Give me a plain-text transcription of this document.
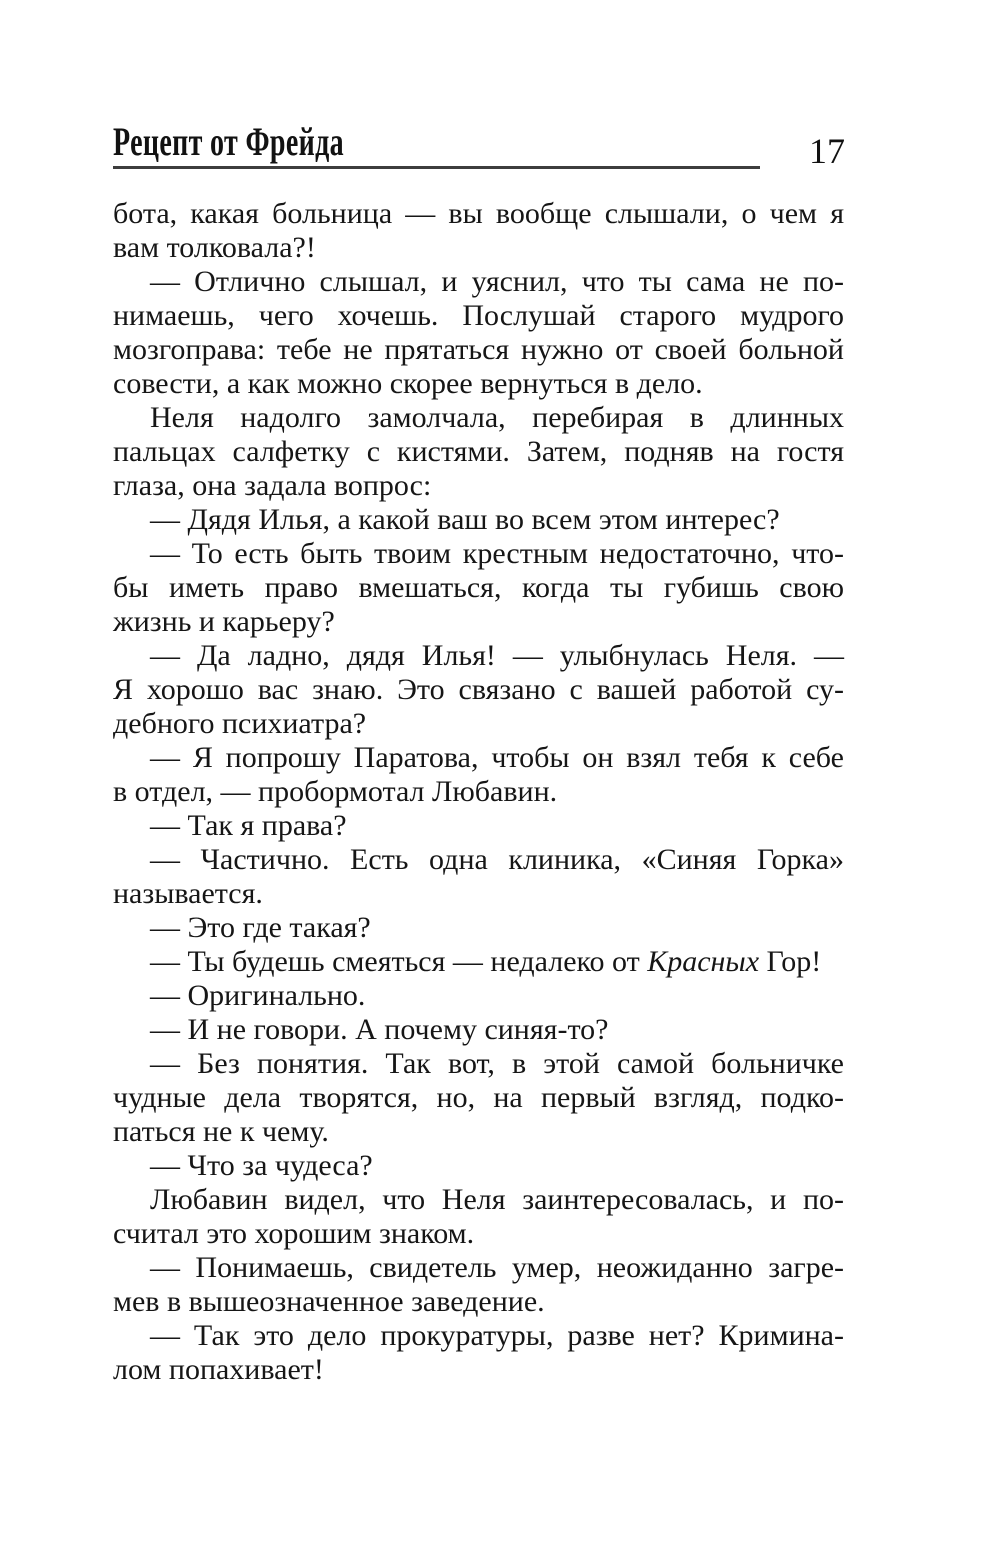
Рецепт от Фрейда	17
бота, какая больница — вы вообще слышали, о чем я
вам толковала?!
— Отлично слышал, и уяснил, что ты сама не по-
нимаешь, чего хочешь. Послушай старого мудрого
мозгоправа: тебе не прятаться нужно от своей больной
совести, а как можно скорее вернуться в дело.
Неля надолго замолчала, перебирая в длинных
пальцах салфетку с кистями. Затем, подняв на гостя
глаза, она задала вопрос:
— Дядя Илья, а какой ваш во всем этом интерес?
— То есть быть твоим крестным недостаточно, что-
бы иметь право вмешаться, когда ты губишь свою
жизнь и карьеру?
— Да ладно, дядя Илья! — улыбнулась Неля. —
Я хорошо вас знаю. Это связано с вашей работой су-
дебного психиатра?
— Я попрошу Паратова, чтобы он взял тебя к себе
в отдел, — пробормотал Любавин.
— Так я права?
— Частично. Есть одна клиника, «Синяя Горка»
называется.
— Это где такая?
— Ты будешь смеяться — недалеко от Красных Гор!
— Оригинально.
— И не говори. А почему синяя-то?
— Без понятия. Так вот, в этой самой больничке
чудные дела творятся, но, на первый взгляд, подко-
паться не к чему.
— Что за чудеса?
Любавин видел, что Неля заинтересовалась, и по-
считал это хорошим знаком.
— Понимаешь, свидетель умер, неожиданно загре-
мев в вышеозначенное заведение.
— Так это дело прокуратуры, разве нет? Кримина-
лом попахивает!
